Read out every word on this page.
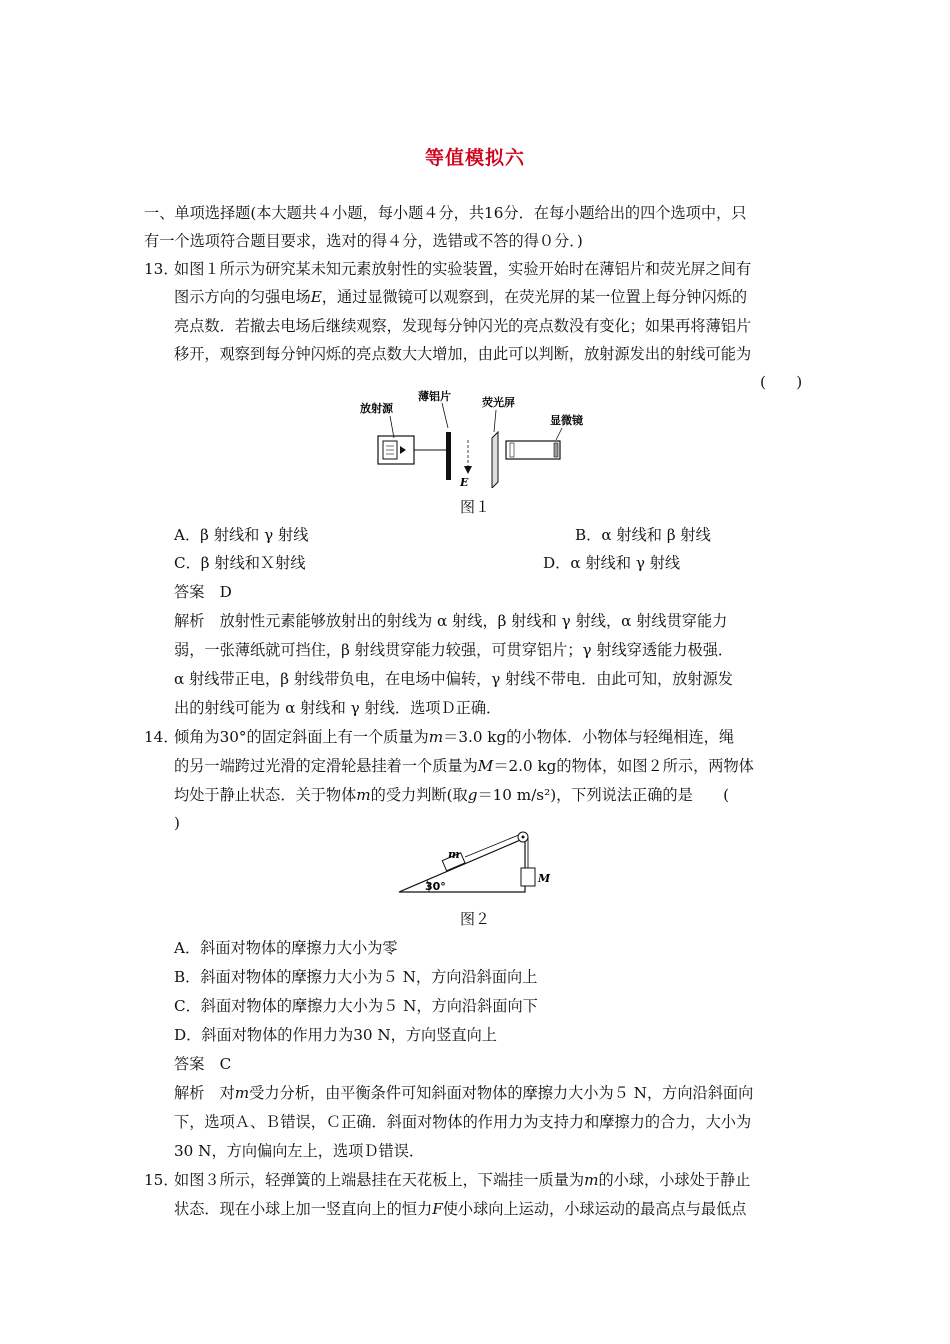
等值模拟六
一、单项选择题(本大题共４小题，每小题４分，共16分．在每小题给出的四个选项中，只
有一个选项符合题目要求，选对的得４分，选错或不答的得０分．)
13．
如图１所示为研究某未知元素放射性的实验装置，实验开始时在薄铝片和荧光屏之间有
图示方向的匀强电场E，通过显微镜可以观察到，在荧光屏的某一位置上每分钟闪烁的
亮点数．若撤去电场后继续观察，发现每分钟闪光的亮点数没有变化；如果再将薄铝片
移开，观察到每分钟闪烁的亮点数大大增加，由此可以判断，放射源发出的射线可能为
(　　)
放射源
薄铝片	荧光屏
显微镜
E
图１
A．β 射线和 γ 射线	B．α 射线和 β 射线
C．β 射线和Ｘ射线	D．α 射线和 γ 射线
答案　D
解析　放射性元素能够放射出的射线为 α 射线，β 射线和 γ 射线，α 射线贯穿能力
弱，一张薄纸就可挡住，β 射线贯穿能力较强，可贯穿铝片；γ 射线穿透能力极强．
α 射线带正电，β 射线带负电，在电场中偏转，γ 射线不带电．由此可知，放射源发
出的射线可能为 α 射线和 γ 射线．选项Ｄ正确．
14．
倾角为30°的固定斜面上有一个质量为m＝3.0 kg的小物体．小物体与轻绳相连，绳
的另一端跨过光滑的定滑轮悬挂着一个质量为M＝2.0 kg的物体，如图２所示，两物体
均处于静止状态．关于物体m的受力判断(取g＝10 m/s²)，下列说法正确的是　　(
)
30°
m
M
图２
A．斜面对物体的摩擦力大小为零
B．斜面对物体的摩擦力大小为５ N，方向沿斜面向上
C．斜面对物体的摩擦力大小为５ N，方向沿斜面向下
D．斜面对物体的作用力为30 N，方向竖直向上
答案　C
解析　对m受力分析，由平衡条件可知斜面对物体的摩擦力大小为５ N，方向沿斜面向
下，选项Ａ、Ｂ错误，Ｃ正确．斜面对物体的作用力为支持力和摩擦力的合力，大小为
30 N，方向偏向左上，选项Ｄ错误．
15．
如图３所示，轻弹簧的上端悬挂在天花板上，下端挂一质量为m的小球，小球处于静止
状态．现在小球上加一竖直向上的恒力F使小球向上运动，小球运动的最高点与最低点
